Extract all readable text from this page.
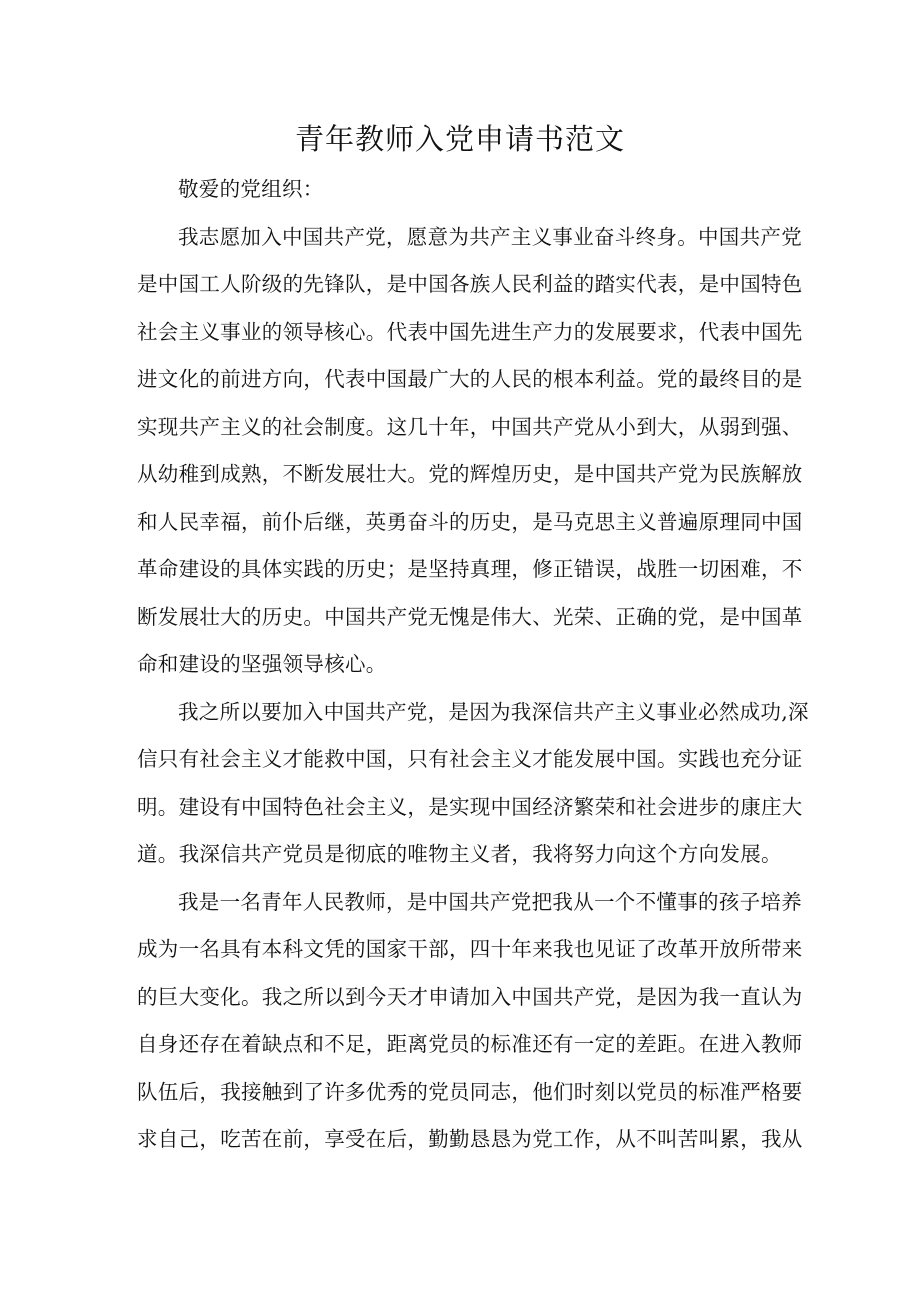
青年教师入党申请书范文
敬爱的党组织：
我志愿加入中国共产党，愿意为共产主义事业奋斗终身。中国共产党
是中国工人阶级的先锋队，是中国各族人民利益的踏实代表，是中国特色
社会主义事业的领导核心。代表中国先进生产力的发展要求，代表中国先
进文化的前进方向，代表中国最广大的人民的根本利益。党的最终目的是
实现共产主义的社会制度。这几十年，中国共产党从小到大，从弱到强、
从幼稚到成熟，不断发展壮大。党的辉煌历史，是中国共产党为民族解放
和人民幸福，前仆后继，英勇奋斗的历史，是马克思主义普遍原理同中国
革命建设的具体实践的历史；是坚持真理，修正错误，战胜一切困难，不
断发展壮大的历史。中国共产党无愧是伟大、光荣、正确的党，是中国革
命和建设的坚强领导核心。
我之所以要加入中国共产党，是因为我深信共产主义事业必然成功,深
信只有社会主义才能救中国，只有社会主义才能发展中国。实践也充分证
明。建设有中国特色社会主义，是实现中国经济繁荣和社会进步的康庄大
道。我深信共产党员是彻底的唯物主义者，我将努力向这个方向发展。
我是一名青年人民教师，是中国共产党把我从一个不懂事的孩子培养
成为一名具有本科文凭的国家干部，四十年来我也见证了改革开放所带来
的巨大变化。我之所以到今天才申请加入中国共产党，是因为我一直认为
自身还存在着缺点和不足，距离党员的标准还有一定的差距。在进入教师
队伍后，我接触到了许多优秀的党员同志，他们时刻以党员的标准严格要
求自己，吃苦在前，享受在后，勤勤恳恳为党工作，从不叫苦叫累，我从
